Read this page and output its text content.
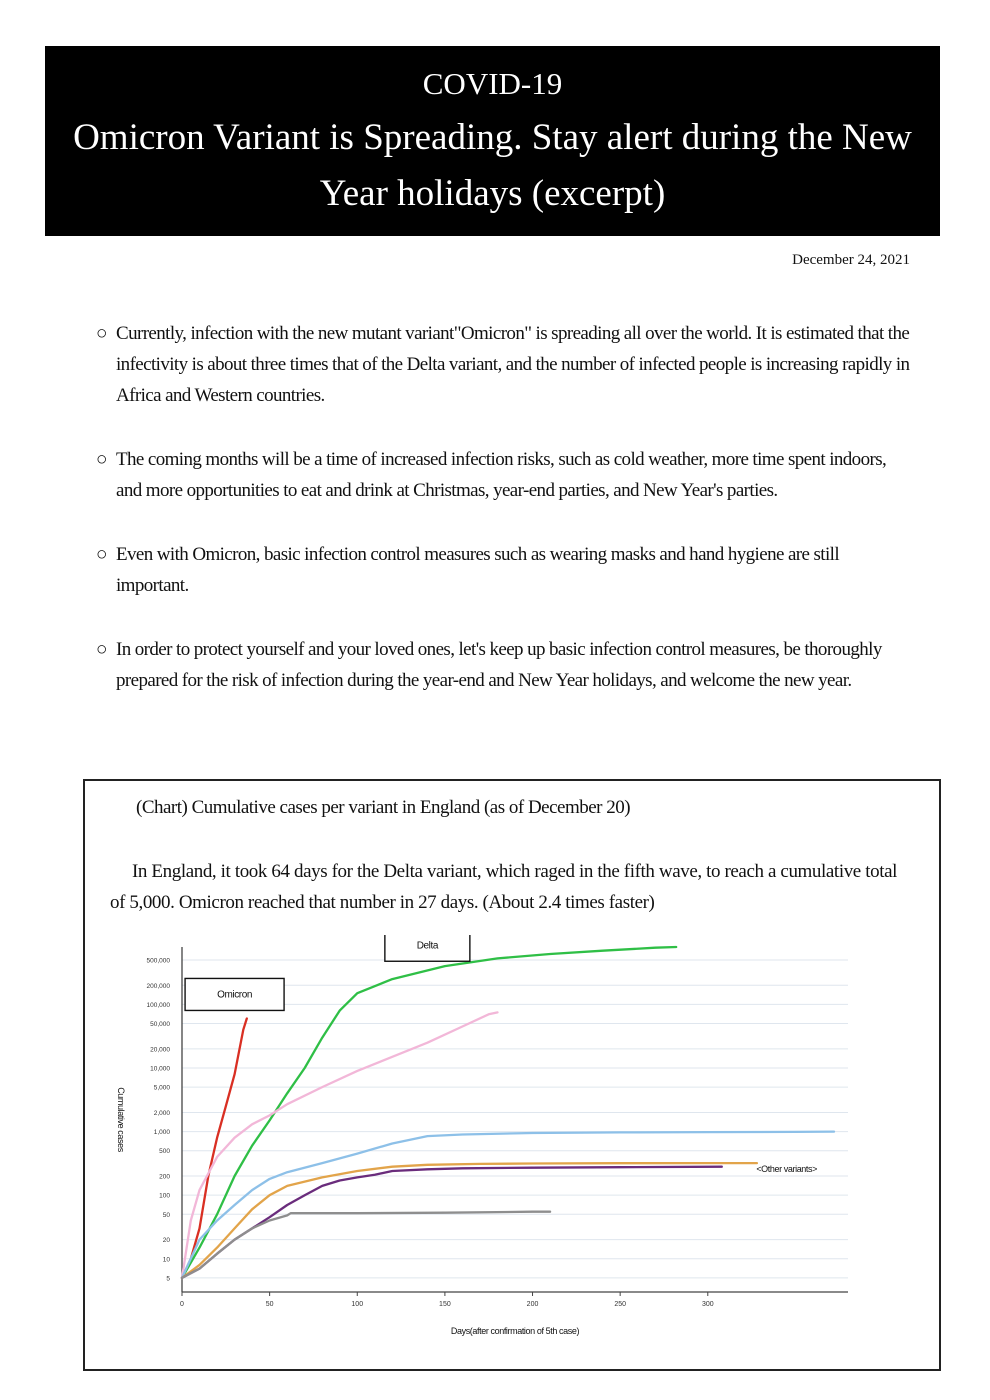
COVID-19
Omicron Variant is Spreading. Stay alert during the New Year holidays (excerpt)
December 24, 2021
○ Currently, infection with the new mutant variant"Omicron" is spreading all over the world. It is estimated that the infectivity is about three times that of the Delta variant, and the number of infected people is increasing rapidly in Africa and Western countries.
○ The coming months will be a time of increased infection risks, such as cold weather, more time spent indoors, and more opportunities to eat and drink at Christmas, year-end parties, and New Year's parties.
○ Even with Omicron, basic infection control measures such as wearing masks and hand hygiene are still important.
○ In order to protect yourself and your loved ones, let's keep up basic infection control measures, be thoroughly prepared for the risk of infection during the year-end and New Year holidays, and welcome the new year.
(Chart) Cumulative cases per variant in England (as of December 20)
In England, it took 64 days for the Delta variant, which raged in the fifth wave, to reach a cumulative total of 5,000. Omicron reached that number in 27 days. (About 2.4 times faster)
5
10
20
50
100
200
500
1,000
2,000
5,000
10,000
20,000
50,000
100,000
200,000
500,000
0	50	100	150	200	250	300
Delta
Omicron
<Other variants>
Cumulative cases
Days(after confirmation of 5th case)
